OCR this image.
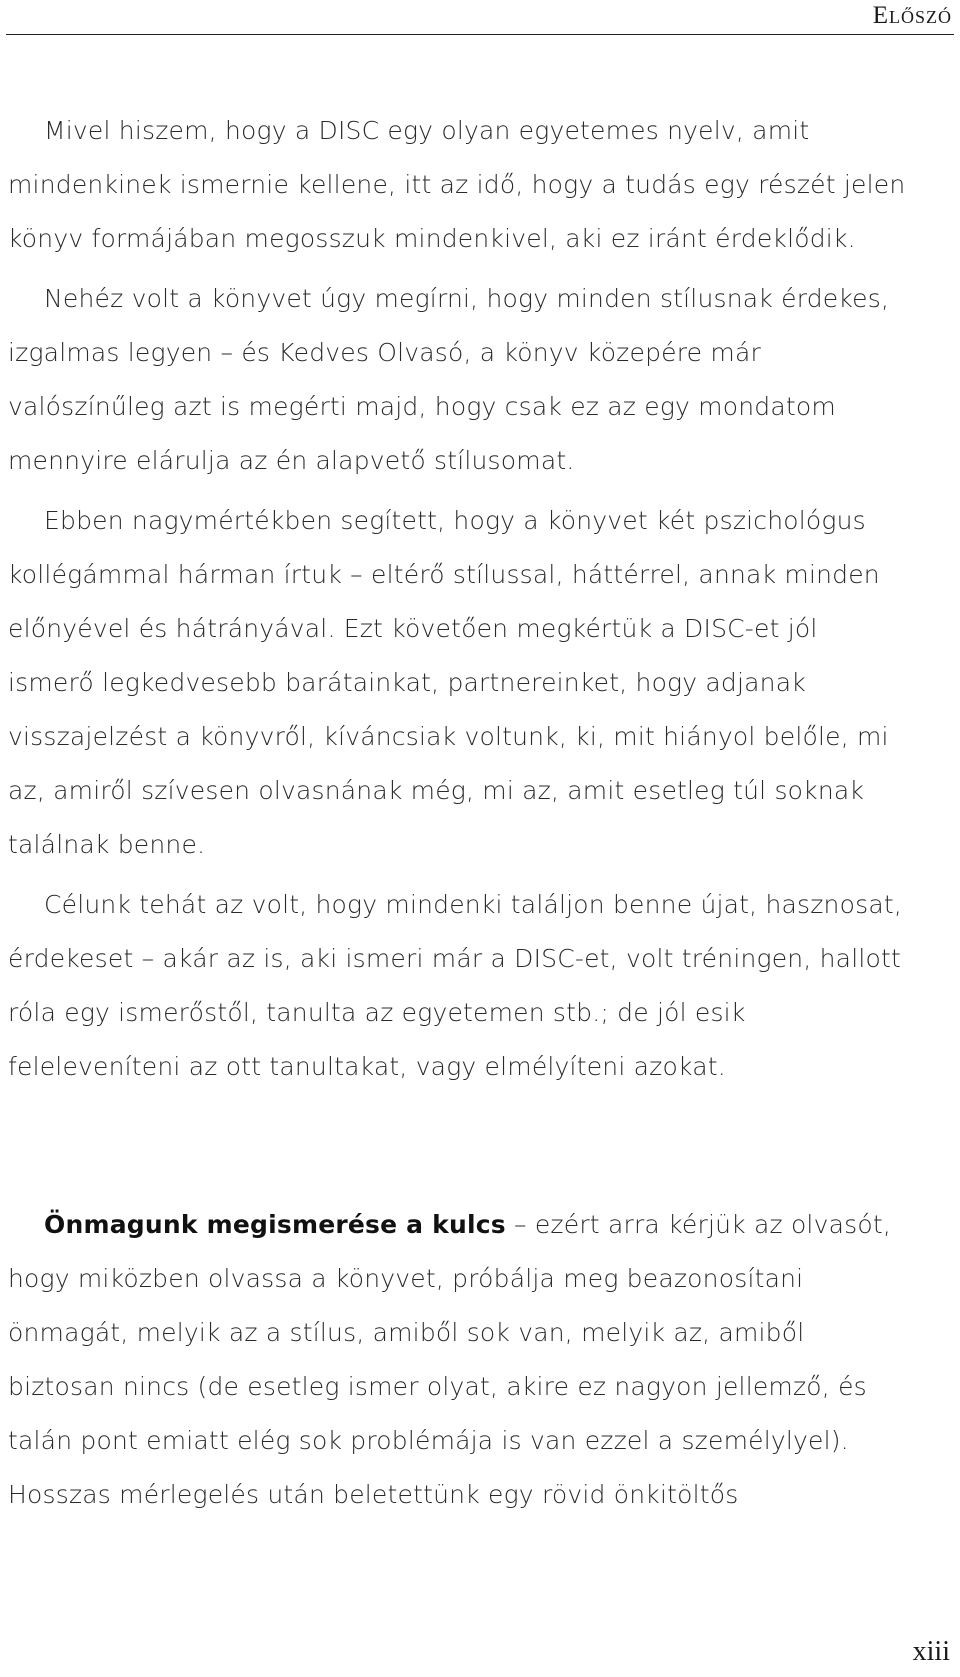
Előszó

Mivel hiszem, hogy a DISC egy olyan egyetemes nyelv, amit mindenkinek ismernie kellene, itt az idő, hogy a tudás egy részét jelen könyv formájában megosszuk mindenkivel, aki ez iránt érdeklődik.

Nehéz volt a könyvet úgy megírni, hogy minden stílusnak érdekes, izgalmas legyen – és Kedves Olvasó, a könyv közepére már valószínűleg azt is megérti majd, hogy csak ez az egy mondatom mennyire elárulja az én alapvető stílusomat.

Ebben nagymértékben segített, hogy a könyvet két pszichológus kollégámmal hárman írtuk – eltérő stílussal, háttérrel, annak minden előnyével és hátrányával. Ezt követően megkértük a DISC-et jól ismerő legkedvesebb barátainkat, partnereinket, hogy adjanak visszajelzést a könyvről, kíváncsiak voltunk, ki, mit hiányol belőle, mi az, amiről szívesen olvasnának még, mi az, amit esetleg túl soknak találnak benne.

Célunk tehát az volt, hogy mindenki találjon benne újat, hasznosat, érdekeset – akár az is, aki ismeri már a DISC-et, volt tréningen, hallott róla egy ismerőstől, tanulta az egyetemen stb.; de jól esik feleleveníteni az ott tanultakat, vagy elmélyíteni azokat.

Önmagunk megismerése a kulcs – ezért arra kérjük az olvasót, hogy miközben olvassa a könyvet, próbálja meg beazonosítani önmagát, melyik az a stílus, amiből sok van, melyik az, amiből biztosan nincs (de esetleg ismer olyat, akire ez nagyon jellemző, és talán pont emiatt elég sok problémája is van ezzel a személylyel). Hosszas mérlegelés után beletettünk egy rövid önkitöltős

xiii
